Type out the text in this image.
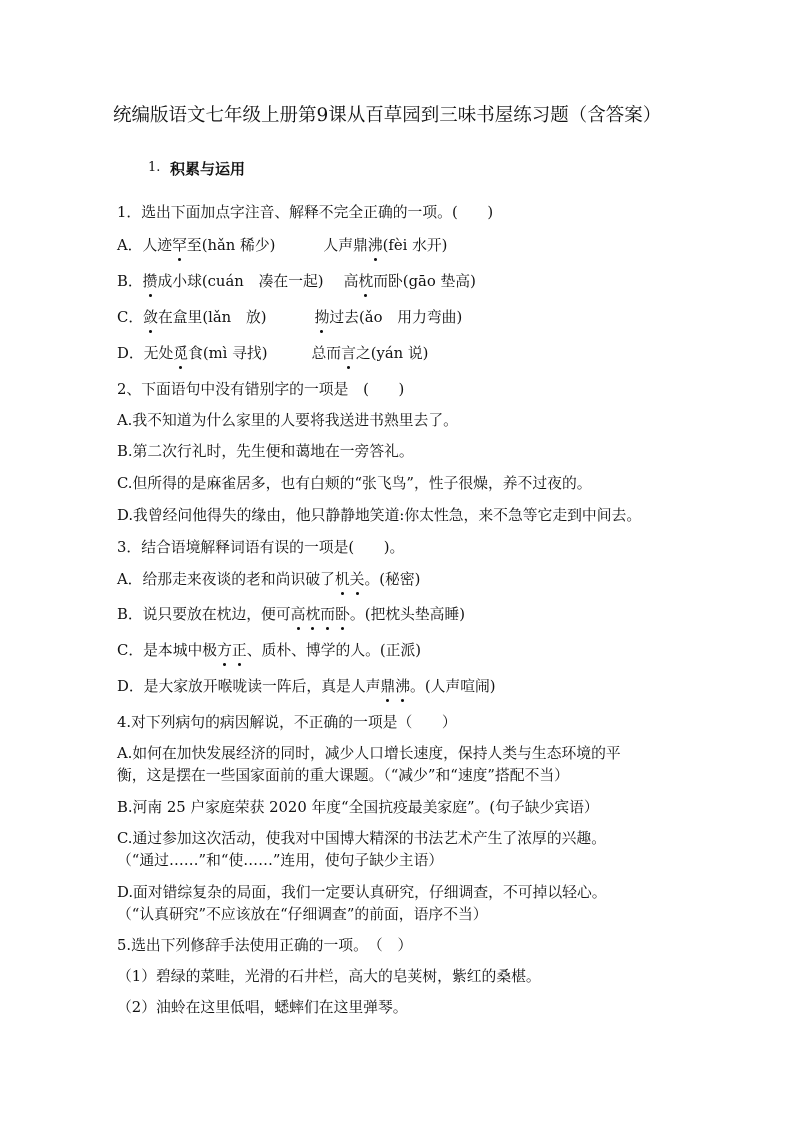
统编版语文七年级上册第9课从百草园到三味书屋练习题（含答案）
1. 积累与运用
1．选出下面加点字注音、解释不完全正确的一项。(　　)
A．人迹罕至(hǎn 稀少)	人声鼎沸(fèi 水开)
B．攒成小球(cuán　凑在一起) 高枕而卧(gāo 垫高)
C．敛在盒里(lǎn　放)	拗过去(ǎo　用力弯曲)
D．无处觅食(mì 寻找)	总而言之(yán 说)
2、下面语句中没有错别字的一项是　(　　)
A.我不知道为什么家里的人要将我送进书熟里去了。
B.第二次行礼时，先生便和蔼地在一旁答礼。
C.但所得的是麻雀居多，也有白颊的“张飞鸟”，性子很燥，养不过夜的。
D.我曾经问他得失的缘由，他只静静地笑道:你太性急，来不急等它走到中间去。
3．结合语境解释词语有误的一项是(　　)。
A．给那走来夜谈的老和尚识破了机关。(秘密)
B．说只要放在枕边，便可高枕而卧。(把枕头垫高睡)
C．是本城中极方正、质朴、博学的人。(正派)
D．是大家放开喉咙读一阵后，真是人声鼎沸。(人声喧闹)
4.对下列病句的病因解说，不正确的一项是（　　）
A.如何在加快发展经济的同时，减少人口增长速度，保持人类与生态环境的平
衡，这是摆在一些国家面前的重大课题。（“减少”和“速度”搭配不当）
B.河南 25 户家庭荣获 2020 年度“全国抗疫最美家庭”。(句子缺少宾语）
C.通过参加这次活动，使我对中国博大精深的书法艺术产生了浓厚的兴趣。
（“通过……”和“使……”连用，使句子缺少主语）
D.面对错综复杂的局面，我们一定要认真研究，仔细调查，不可掉以轻心。
（“认真研究”不应该放在“仔细调查”的前面，语序不当）
5.选出下列修辞手法使用正确的一项。　（　）
（1）碧绿的菜畦，光滑的石井栏，高大的皂荚树，紫红的桑椹。
（2）油蛉在这里低唱，蟋蟀们在这里弹琴。
